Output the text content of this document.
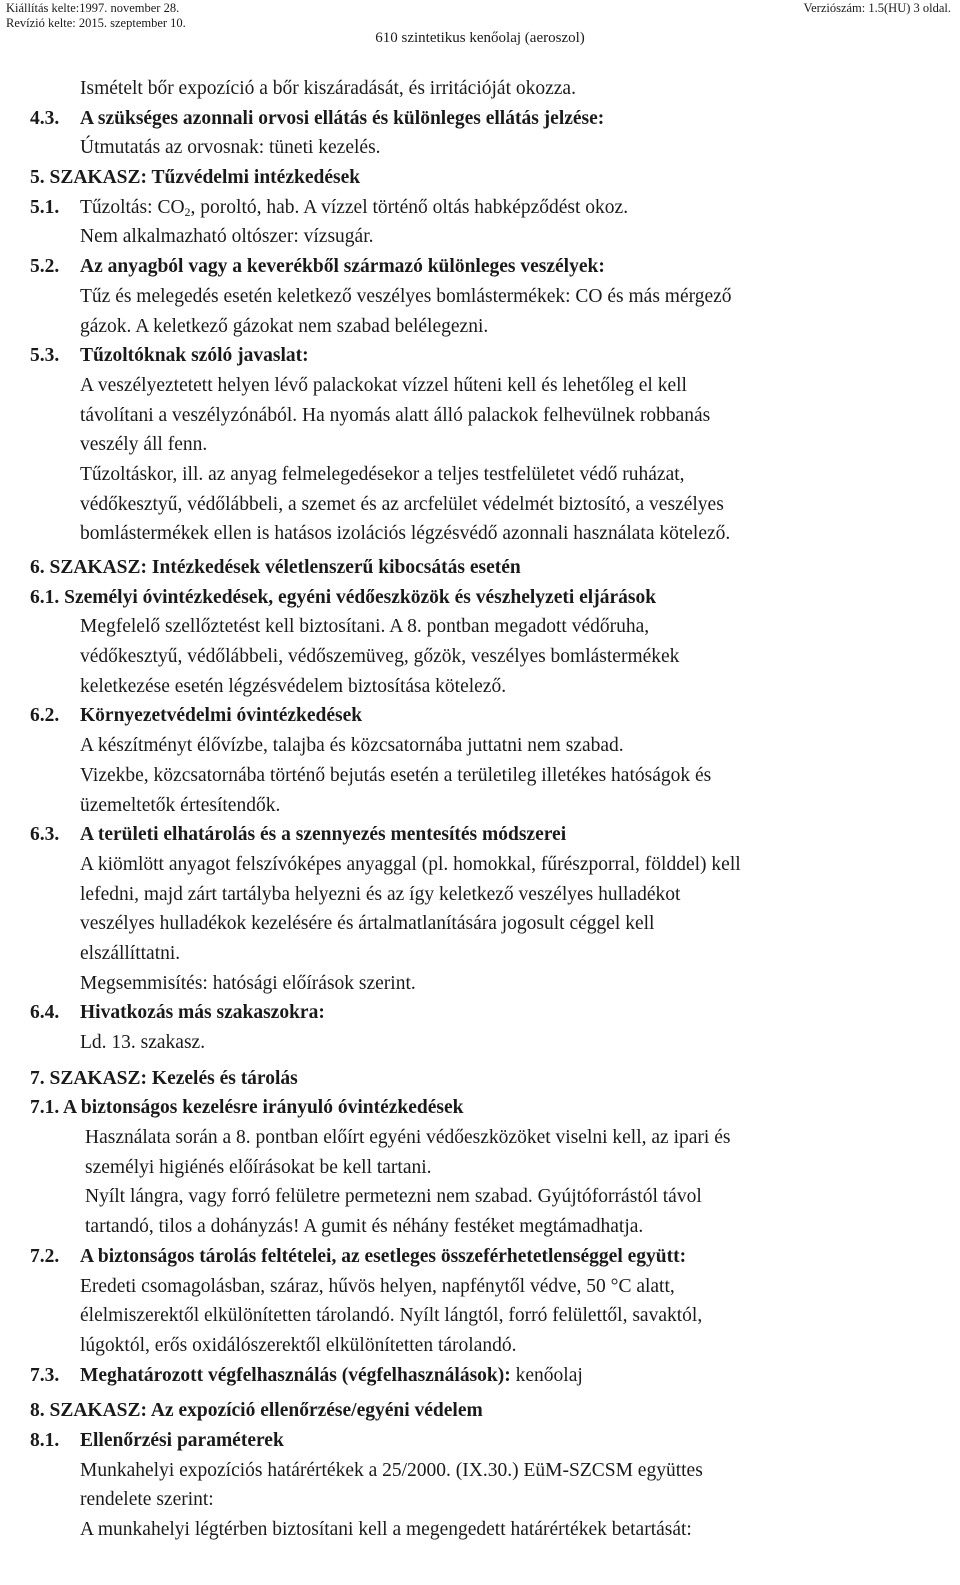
Kiállítás kelte:1997. november 28.
Revízió kelte: 2015. szeptember 10.
Verziószám: 1.5(HU) 3 oldal.
610 szintetikus kenőolaj (aeroszol)
Ismételt bőr expozíció a bőr kiszáradását, és irritációját okozza.
4.3. A szükséges azonnali orvosi ellátás és különleges ellátás jelzése:
Útmutatás az orvosnak: tüneti kezelés.
5. SZAKASZ: Tűzvédelmi intézkedések
5.1. Tűzoltás: $CO_2$, poroltó, hab. A vízzel történő oltás habképződést okoz.
Nem alkalmazható oltószer: vízsugár.
5.2. Az anyagból vagy a keverékből származó különleges veszélyek:
Tűz és melegedés esetén keletkező veszélyes bomlástermékek: CO és más mérgező
gázok. A keletkező gázokat nem szabad belélegezni.
5.3. Tűzoltóknak szóló javaslat:
A veszélyeztetett helyen lévő palackokat vízzel hűteni kell és lehetőleg el kell
távolítani a veszélyzónából. Ha nyomás alatt álló palackok felhevülnek robbanás
veszély áll fenn.
Tűzoltáskor, ill. az anyag felmelegedésekor a teljes testfelületet védő ruházat,
védőkesztyű, védőlábbeli, a szemet és az arcfelület védelmét biztosító, a veszélyes
bomlástermékek ellen is hatásos izolációs légzésvédő azonnali használata kötelező.
6. SZAKASZ: Intézkedések véletlenszerű kibocsátás esetén
6.1. Személyi óvintézkedések, egyéni védőeszközök és vészhelyzeti eljárások
Megfelelő szellőztetést kell biztosítani. A 8. pontban megadott védőruha,
védőkesztyű, védőlábbeli, védőszemüveg, gőzök, veszélyes bomlástermékek
keletkezése esetén légzésvédelem biztosítása kötelező.
6.2. Környezetvédelmi óvintézkedések
A készítményt élővízbe, talajba és közcsatornába juttatni nem szabad.
Vizekbe, közcsatornába történő bejutás esetén a területileg illetékes hatóságok és
üzemeltetők értesítendők.
6.3. A területi elhatárolás és a szennyezés mentesítés módszerei
A kiömlött anyagot felszívóképes anyaggal (pl. homokkal, fűrészporral, földdel) kell
lefedni, majd zárt tartályba helyezni és az így keletkező veszélyes hulladékot
veszélyes hulladékok kezelésére és ártalmatlanítására jogosult céggel kell
elszállíttatni.
Megsemmisítés: hatósági előírások szerint.
6.4. Hivatkozás más szakaszokra:
Ld. 13. szakasz.
7. SZAKASZ: Kezelés és tárolás
7.1. A biztonságos kezelésre irányuló óvintézkedések
Használata során a 8. pontban előírt egyéni védőeszközöket viselni kell, az ipari és
személyi higiénés előírásokat be kell tartani.
Nyílt lángra, vagy forró felületre permetezni nem szabad. Gyújtóforrástól távol
tartandó, tilos a dohányzás! A gumit és néhány festéket megtámadhatja.
7.2. A biztonságos tárolás feltételei, az esetleges összeférhetetlenséggel együtt:
Eredeti csomagolásban, száraz, hűvös helyen, napfénytől védve, 50 °C alatt,
élelmiszerektől elkülönítetten tárolandó. Nyílt lángtól, forró felülettől, savaktól,
lúgoktól, erős oxidálószerektől elkülönítetten tárolandó.
7.3. Meghatározott végfelhasználás (végfelhasználások): kenőolaj
8. SZAKASZ: Az expozíció ellenőrzése/egyéni védelem
8.1. Ellenőrzési paraméterek
Munkahelyi expozíciós határértékek a 25/2000. (IX.30.) EüM-SZCSM együttes
rendelete szerint:
A munkahelyi légtérben biztosítani kell a megengedett határértékek betartását:
